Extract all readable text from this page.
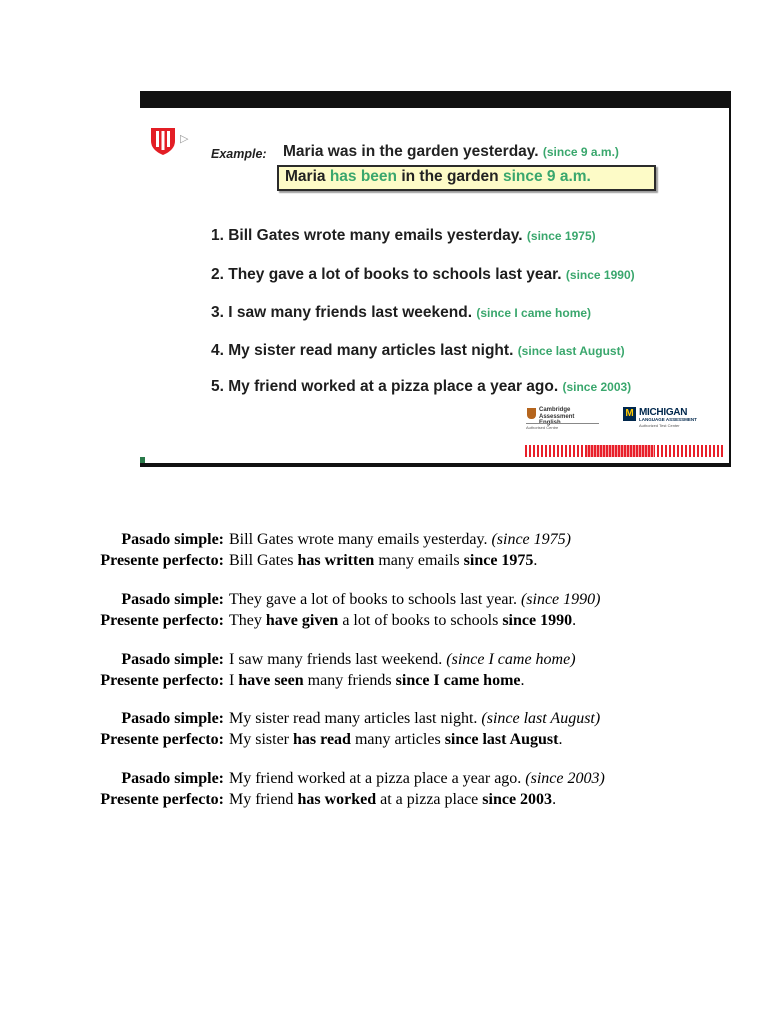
▷
Example: Maria was in the garden yesterday. (since 9 a.m.)
Maria has been in the garden since 9 a.m.
1. Bill Gates wrote many emails yesterday. (since 1975)
2. They gave a lot of books to schools last year. (since 1990)
3. I saw many friends last weekend. (since I came home)
4. My sister read many articles last night. (since last August)
5. My friend worked at a pizza place a year ago. (since 2003)
Cambridge Assessment
English
Authorised Centre
M MICHIGAN
LANGUAGE ASSESSMENT
Authorized Test Center
Pasado simple: Bill Gates wrote many emails yesterday. (since 1975)
Presente perfecto: Bill Gates has written many emails since 1975.
Pasado simple: They gave a lot of books to schools last year. (since 1990)
Presente perfecto: They have given a lot of books to schools since 1990.
Pasado simple: I saw many friends last weekend. (since I came home)
Presente perfecto: I have seen many friends since I came home.
Pasado simple: My sister read many articles last night. (since last August)
Presente perfecto: My sister has read many articles since last August.
Pasado simple: My friend worked at a pizza place a year ago. (since 2003)
Presente perfecto: My friend has worked at a pizza place since 2003.
